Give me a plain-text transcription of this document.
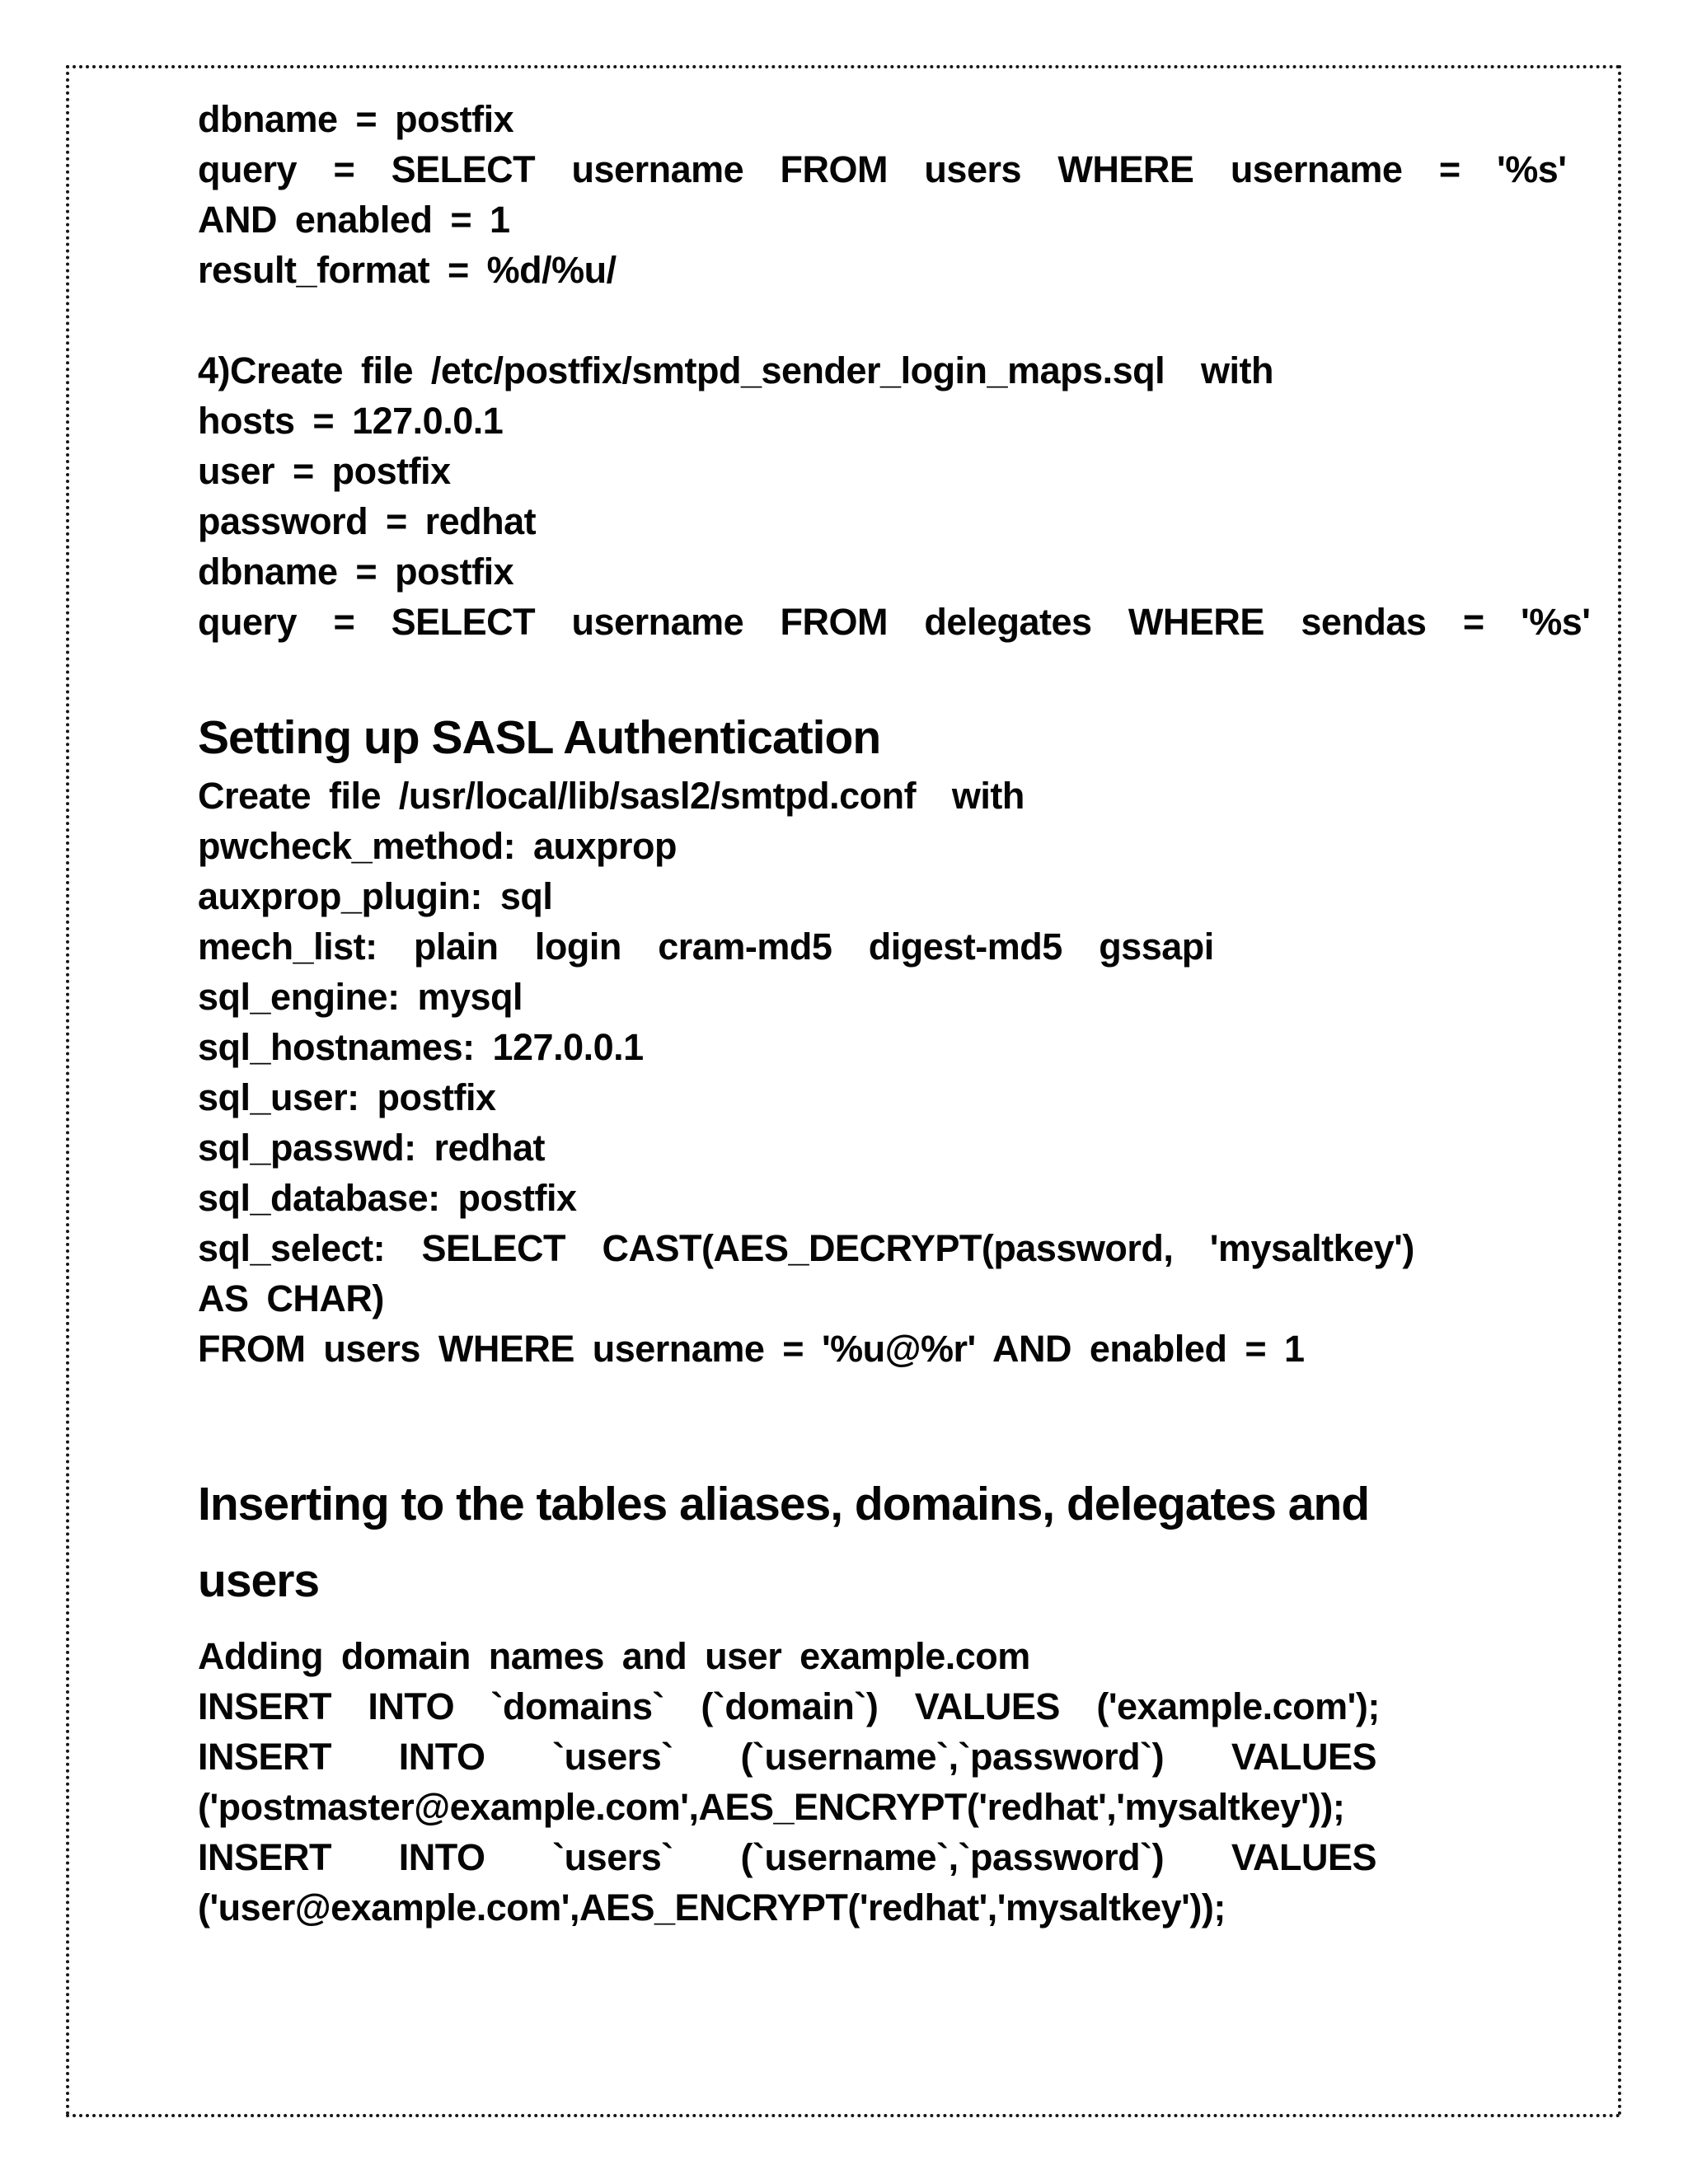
dbname = postfix

query = SELECT username FROM users WHERE username = '%s'

AND enabled = 1

result_format = %d/%u/

4)Create file /etc/postfix/smtpd_sender_login_maps.sql  with

hosts = 127.0.0.1

user = postfix

password = redhat

dbname = postfix

query = SELECT username FROM delegates WHERE sendas = '%s'

Setting up SASL Authentication

Create file /usr/local/lib/sasl2/smtpd.conf  with

pwcheck_method: auxprop

auxprop_plugin: sql

mech_list: plain login cram-md5 digest-md5 gssapi

sql_engine: mysql

sql_hostnames: 127.0.0.1

sql_user: postfix

sql_passwd: redhat

sql_database: postfix

sql_select: SELECT CAST(AES_DECRYPT(password, 'mysaltkey')

AS CHAR)

FROM users WHERE username = '%u@%r' AND enabled = 1

Inserting to the tables aliases, domains, delegates and
users

Adding domain names and user example.com

INSERT INTO `domains` (`domain`) VALUES ('example.com');

INSERT INTO `users` (`username`,`password`) VALUES

('postmaster@example.com',AES_ENCRYPT('redhat','mysaltkey'));

INSERT INTO `users` (`username`,`password`) VALUES

('user@example.com',AES_ENCRYPT('redhat','mysaltkey'));
